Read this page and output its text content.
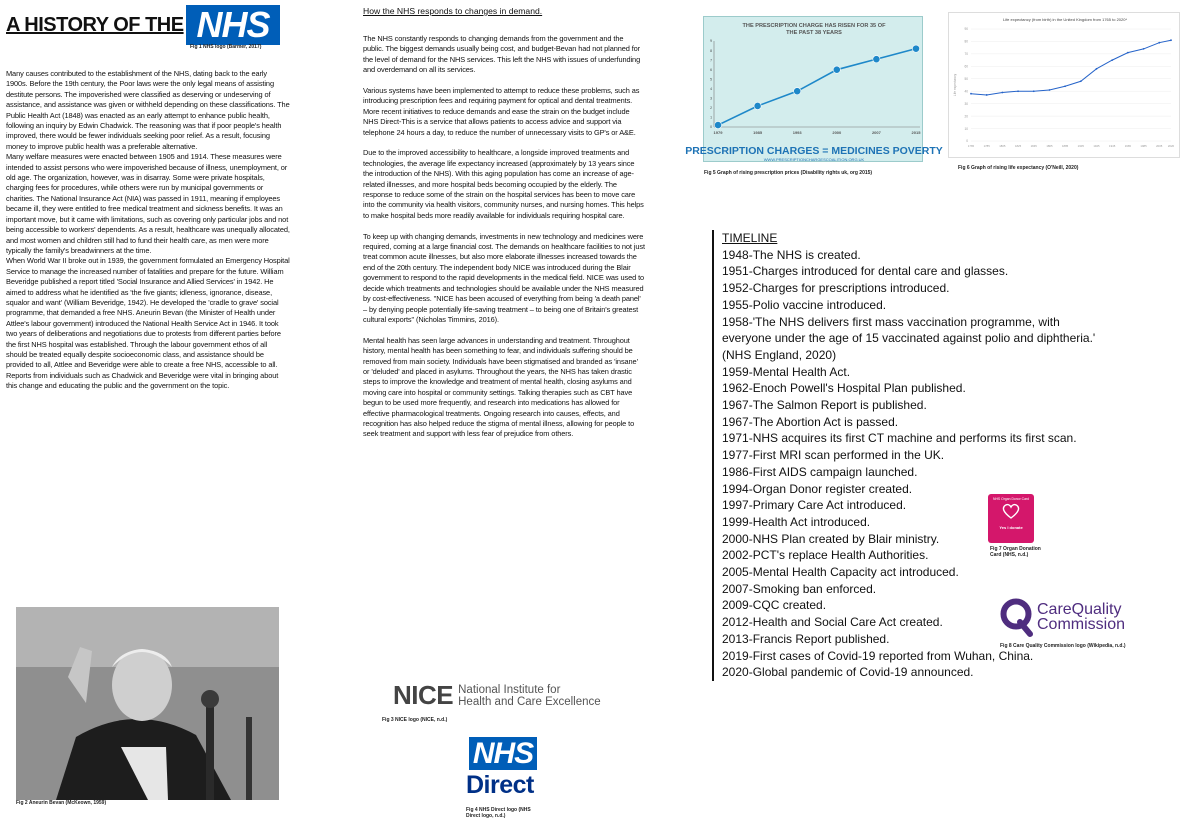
A HISTORY OF THE NHS
Fig 1 NHS logo (Barmer, 2017)

Many causes contributed to the establishment of the NHS, dating back to the early 1900s. Before the 19th century, the Poor laws were the only legal means of assisting destitute persons. The impoverished were classified as deserving or undeserving of assistance, and assistance was given or withheld depending on these classifications. The Public Health Act (1848) was enacted as an early attempt to enhance public health, following an inquiry by Edwin Chadwick. The reasoning was that if poor people's health improved, there would be fewer individuals seeking poor relief. As a result, focusing money to improve public health was a preferable alternative.

Many welfare measures were enacted between 1905 and 1914. These measures were intended to assist persons who were impoverished because of illness, unemployment, or old age. The organization, however, was in disarray. Some were private hospitals, charging fees for procedures, while others were run by municipal governments or charities. The National Insurance Act (NIA) was passed in 1911, meaning if employees became ill, they were entitled to free medical treatment and sickness benefits. It was an important move, but it came with limitations, such as covering only particular jobs and not being accessible to workers' dependents. As a result, healthcare was unequally allocated, and most women and children still had to fund their health care, as men were more typically the family's breadwinners at the time.

When World War II broke out in 1939, the government formulated an Emergency Hospital Service to manage the increased number of fatalities and prepare for the future. William Beveridge published a report titled 'Social Insurance and Allied Services' in 1942. He aimed to address what he identified as 'the five giants; idleness, ignorance, disease, squalor and want' (William Beveridge, 1942). He developed the 'cradle to grave' social programme, that demanded a free NHS. Aneurin Bevan (the Minister of Health under Attlee's labour government) introduced the National Health Service Act in 1946. It took two years of deliberations and negotiations due to protests from different parties before the first NHS hospital was established. Through the labour government ethos of all should be treated equally despite socioeconomic class, and assistance should be provided to all, Attlee and Beveridge were able to create a free NHS, accessible to all. Reports from individuals such as Chadwick and Beveridge were vital in bringing about this change and educating the public and the government on the topic.

Fig 2 Aneurin Bevan (McKeown, 1959)
How the NHS responds to changes in demand.

The NHS constantly responds to changing demands from the government and the public. The biggest demands usually being cost, and budget-Bevan had not planned for the level of demand for the NHS services. This left the NHS with issues of underfunding and overdemand on all its services.

Various systems have been implemented to attempt to reduce these problems, such as introducing prescription fees and requiring payment for optical and dental treatments. More recent initiatives to reduce demands and ease the strain on the budget include NHS Direct-This is a service that allows patients to access advice and support via telephone 24 hours a day, to reduce the number of unnecessary visits to GP's or A&E.

Due to the improved accessibility to healthcare, a longside improved treatments and technologies, the average life expectancy increased (approximately by 13 years since the introduction of the NHS). With this aging population has come an increase of age-related illnesses, and more hospital beds becoming occupied by the elderly. The response to reduce some of the strain on the hospital services has been to move care into the community via health visitors, community nurses, and nursing homes. This helps to make hospital beds more readily available for individuals requiring hospital care.

To keep up with changing demands, investments in new technology and medicines were required, coming at a large financial cost. The demands on healthcare facilities to not just treat common acute illnesses, but also more elaborate illnesses increased towards the end of the 20th century. The independent body NICE was introduced during the Blair government to respond to the rapid developments in the medical field. NICE was used to decide which treatments and technologies should be available under the NHS measured by cost-effectiveness. "NICE has been accused of everything from being 'a death panel' – by denying people potentially life-saving treatment – to being one of Britain's greatest cultural exports" (Nicholas Timmins, 2016).

Mental health has seen large advances in understanding and treatment. Throughout history, mental health has been something to fear, and individuals suffering should be removed from main society. Individuals have been stigmatised and branded as 'insane' or 'deluded' and placed in asylums. Throughout the years, the NHS has taken drastic steps to improve the knowledge and treatment of mental health, closing asylums and moving care into hospital or community settings. Talking therapies such as CBT have begun to be used more frequently, and research into medications has allowed for effective pharmacological treatments. Ongoing research into causes, effects, and recognition has also helped reduce the stigma of mental illness, allowing for people to seek treatment and support with less fear of prejudice from others.

NICE National Institute for
Health and Care Excellence
Fig 3 NICE logo (NICE, n.d.)
NHS
Direct
Fig 4 NHS Direct logo (NHS Direct logo, n.d.)
THE PRESCRIPTION CHARGE HAS RISEN FOR 35 OF
PRESCRIPTION CHARGES = MEDICINES POVERTY
WWW.PRESCRIPTIONCHARGESCOALITION.ORG.UK
THE PAST 38 YEARS
0
1
2
3
4
5
6
7
8
9
1979	1985	1993	2000	2007	2015
Fig 5 Graph of rising prescription prices (Disability rights uk, org 2015)
Life expectancy (from birth) in the United Kingdom from 1765 to 2020*
0
10
20
30
40
50
60
70
80
90
Life expectancy
1765	1785	1805	1825	1845	1865	1885	1905	1925	1945	1965	1985	2005 2020
Fig 6 Graph of rising life expectancy (O'Neill, 2020)
TIMELINE
1948-The NHS is created.
1951-Charges introduced for dental care and glasses.
1952-Charges for prescriptions introduced.
1955-Polio vaccine introduced.
1958-'The NHS delivers first mass vaccination programme, with everyone under the age of 15 vaccinated against polio and diphtheria.' (NHS England, 2020)
1959-Mental Health Act.
1962-Enoch Powell's Hospital Plan published.
1967-The Salmon Report is published.
1967-The Abortion Act is passed.
1971-NHS acquires its first CT machine and performs its first scan.
1977-First MRI scan performed in the UK.
1986-First AIDS campaign launched.
1994-Organ Donor register created.
1997-Primary Care Act introduced.
1999-Health Act introduced.
2000-NHS Plan created by Blair ministry.
2002-PCT's replace Health Authorities.
2005-Mental Health Capacity act introduced.
2007-Smoking ban enforced.
2009-CQC created.
2012-Health and Social Care Act created.
2013-Francis Report published.
2019-First cases of Covid-19 reported from Wuhan, China.
2020-Global pandemic of Covid-19 announced.
NHS Organ Donor Card
Yes I donate
Fig 7 Organ Donation
Card (NHS, n.d.)
CareQuality
Commission
Fig 8 Care Quality Commission logo (Wikipedia, n.d.)
